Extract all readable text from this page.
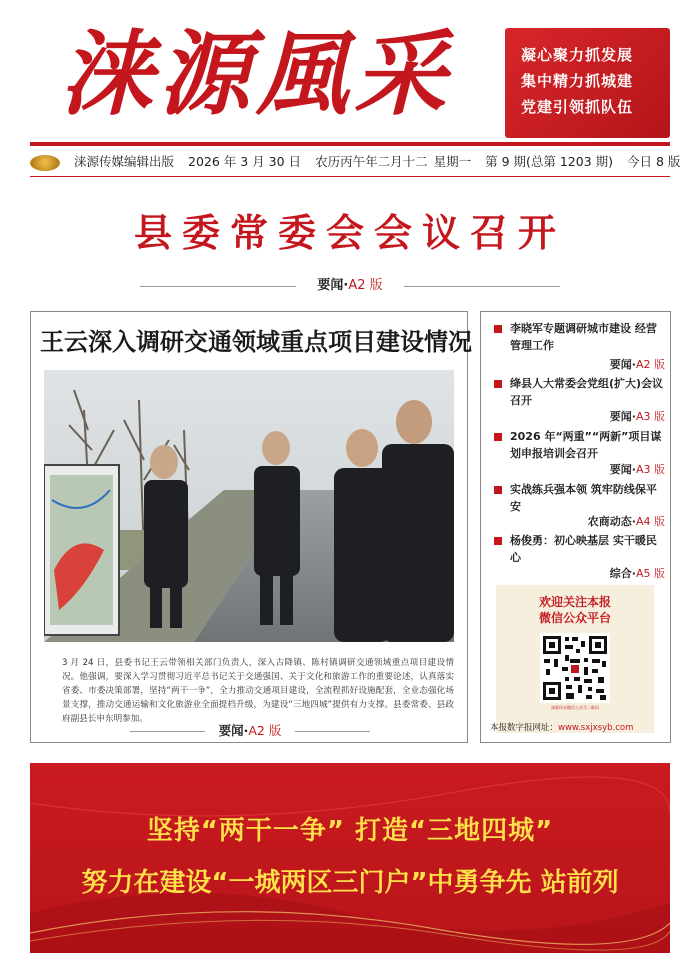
涞源風采	凝心聚力抓发展
集中精力抓城建
党建引领抓队伍
涞源传媒编辑出版 2026 年 3 月 30 日 农历丙午年二月十二 星期一 第 9 期(总第 1203 期) 今日 8 版
县委常委会会议召开
要闻·A2 版
王云深入调研交通领域重点项目建设情况
3 月 24 日，县委书记王云带领相关部门负责人，深入古降镇、陈村镇调研交通领域重点项目建设情况。他强调，要深入学习贯彻习近平总书记关于交通强国、关于文化和旅游工作的重要论述，认真落实省委、市委决策部署，坚持“两干一争”，全力推动交通项目建设，全流程抓好设施配套，全业态强化场景支撑，推动交通运输和文化旅游业全面提档升级，为建设“三地四城”提供有力支撑。县委常委、县政府副县长申东明参加。
要闻·A2 版
李晓军专题调研城市建设 经营 管理工作
要闻·A2 版
绛县人大常委会党组(扩大)会议召开
要闻·A3 版
2026 年“两重”“两新”项目谋划申报培训会召开
要闻·A3 版
实战练兵强本领 筑牢防线保平安
农商动态·A4 版
杨俊勇：初心映基层 实干暖民心
综合·A5 版
欢迎关注本报
微信公众平台
涞源风采微信公众号二维码
本报数字报网址：www.sxjxsyb.com
坚持“两干一争” 打造“三地四城”
努力在建设“一城两区三门户”中勇争先 站前列
